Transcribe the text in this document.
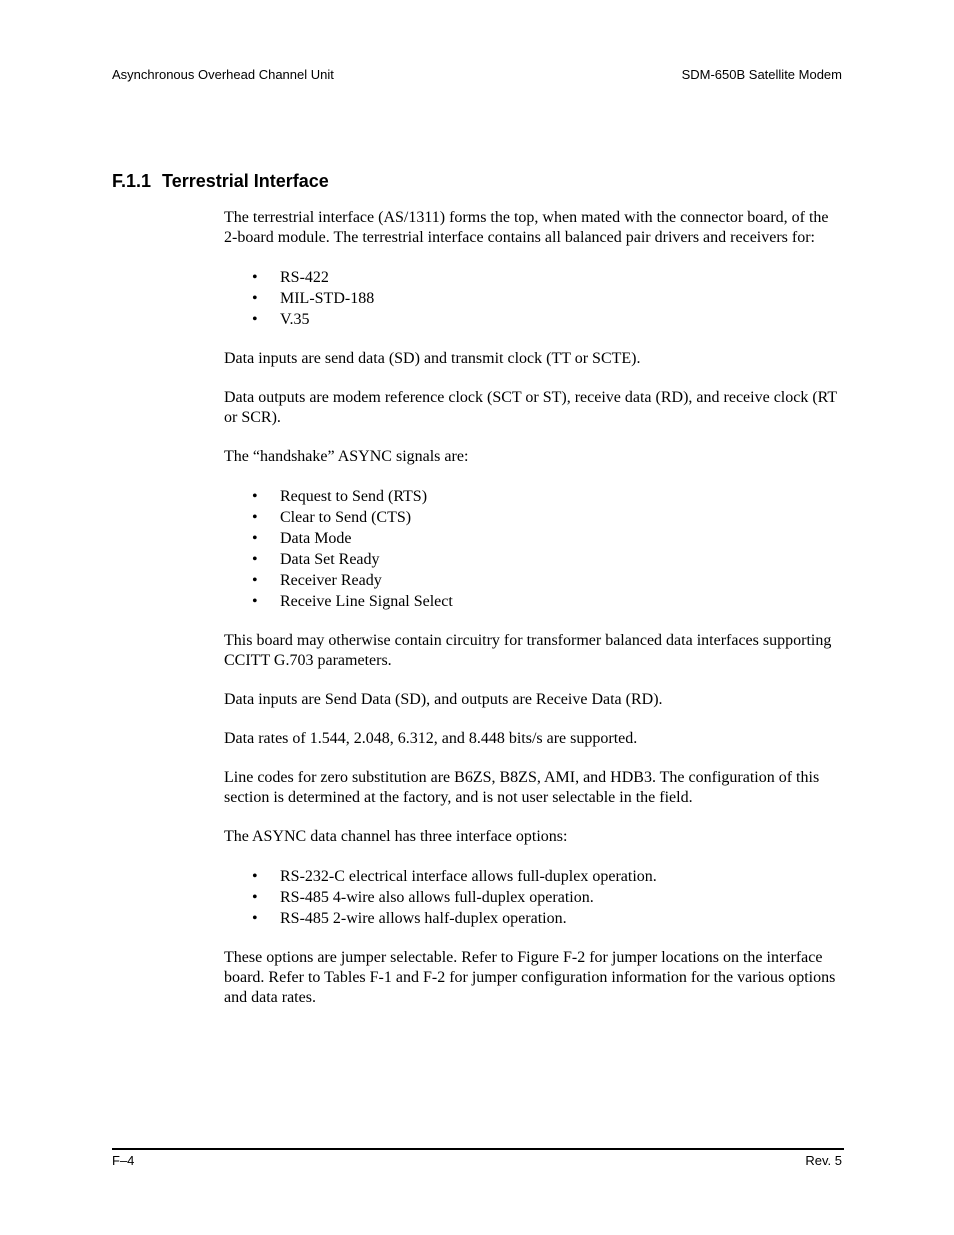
Asynchronous Overhead Channel Unit	SDM-650B Satellite Modem
F.1.1 Terrestrial Interface

The terrestrial interface (AS/1311) forms the top, when mated with the connector board, of the 2-board module. The terrestrial interface contains all balanced pair drivers and receivers for:

• RS-422
• MIL-STD-188
• V.35

Data inputs are send data (SD) and transmit clock (TT or SCTE).

Data outputs are modem reference clock (SCT or ST), receive data (RD), and receive clock (RT or SCR).

The “handshake” ASYNC signals are:

• Request to Send (RTS)
• Clear to Send (CTS)
• Data Mode
• Data Set Ready
• Receiver Ready
• Receive Line Signal Select

This board may otherwise contain circuitry for transformer balanced data interfaces supporting CCITT G.703 parameters.

Data inputs are Send Data (SD), and outputs are Receive Data (RD).

Data rates of 1.544, 2.048, 6.312, and 8.448 bits/s are supported.

Line codes for zero substitution are B6ZS, B8ZS, AMI, and HDB3. The configuration of this section is determined at the factory, and is not user selectable in the field.

The ASYNC data channel has three interface options:

• RS-232-C electrical interface allows full-duplex operation.
• RS-485 4-wire also allows full-duplex operation.
• RS-485 2-wire allows half-duplex operation.

These options are jumper selectable. Refer to Figure F-2 for jumper locations on the interface board. Refer to Tables F-1 and F-2 for jumper configuration information for the various options and data rates.

F–4	Rev. 5
